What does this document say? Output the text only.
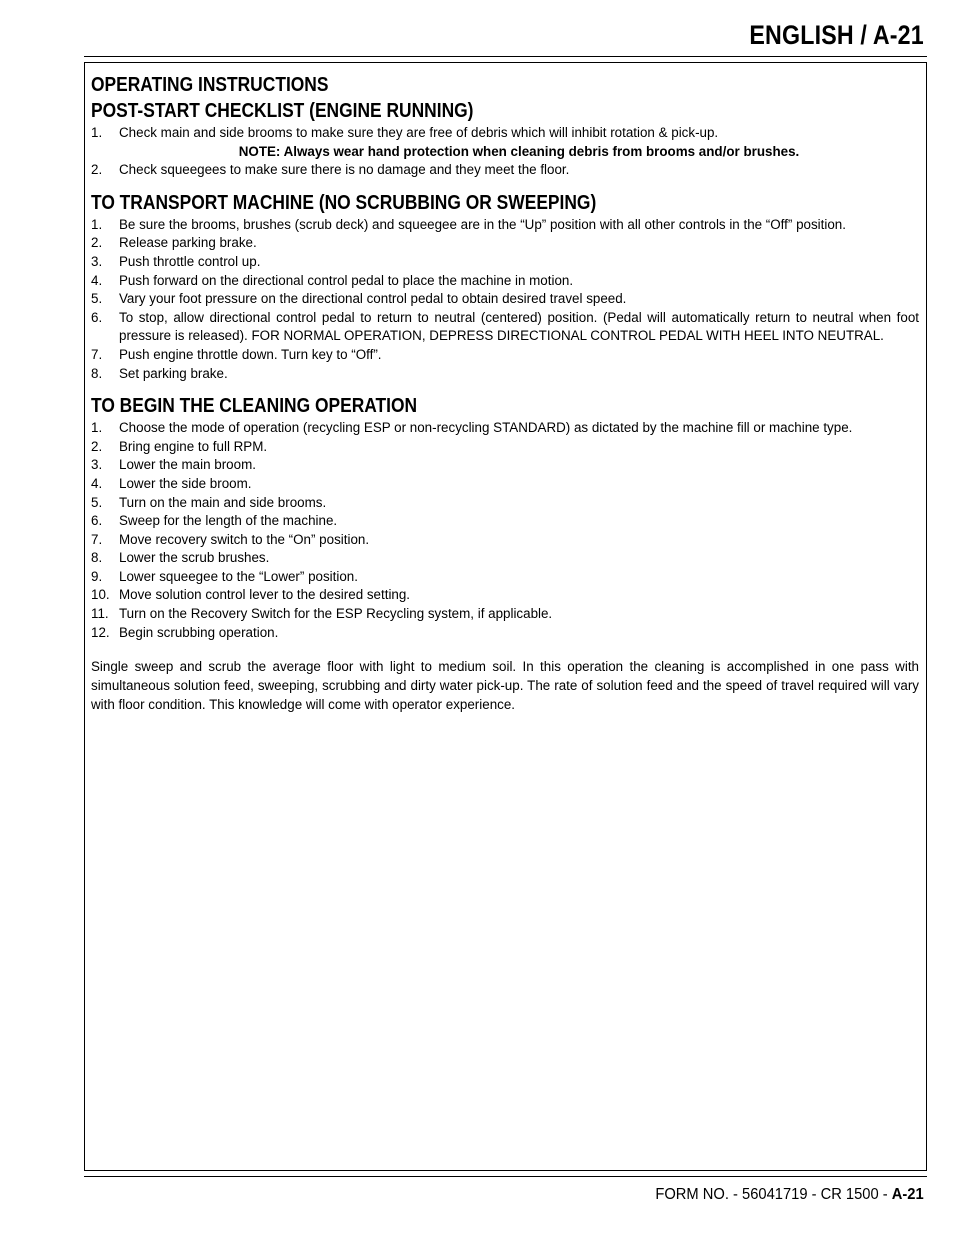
ENGLISH / A-21
OPERATING INSTRUCTIONS
POST-START CHECKLIST (ENGINE RUNNING)
1.	Check main and side brooms to make sure they are free of debris which will inhibit rotation & pick-up.
NOTE: Always wear hand protection when cleaning debris from brooms and/or brushes.
2.	Check squeegees to make sure there is no damage and they meet the floor.
TO TRANSPORT MACHINE (NO SCRUBBING OR SWEEPING)
1.	Be sure the brooms, brushes (scrub deck) and squeegee are in the “Up” position with all other controls in the “Off” position.
2.	Release parking brake.
3.	Push throttle control up.
4.	Push forward on the directional control pedal to place the machine in motion.
5.	Vary your foot pressure on the directional control pedal to obtain desired travel speed.
6.	To stop, allow directional control pedal to return to neutral (centered) position. (Pedal will automatically return to neutral when foot pressure is released). FOR NORMAL OPERATION, DEPRESS DIRECTIONAL CONTROL PEDAL WITH HEEL INTO NEUTRAL.
7.	Push engine throttle down. Turn key to “Off”.
8.	Set parking brake.
TO BEGIN THE CLEANING OPERATION
1.	Choose the mode of operation (recycling ESP or non-recycling STANDARD) as dictated by the machine fill or machine type.
2.	Bring engine to full RPM.
3.	Lower the main broom.
4.	Lower the side broom.
5.	Turn on the main and side brooms.
6.	Sweep for the length of the machine.
7.	Move recovery switch to the “On” position.
8.	Lower the scrub brushes.
9.	Lower squeegee to the “Lower” position.
10. Move solution control lever to the desired setting.
11. Turn on the Recovery Switch for the ESP Recycling system, if applicable.
12. Begin scrubbing operation.

Single sweep and scrub the average floor with light to medium soil. In this operation the cleaning is accomplished in one pass with simultaneous solution feed, sweeping, scrubbing and dirty water pick-up. The rate of solution feed and the speed of travel required will vary with floor condition. This knowledge will come with operator experience.

FORM NO. - 56041719 - CR 1500 - A-21
